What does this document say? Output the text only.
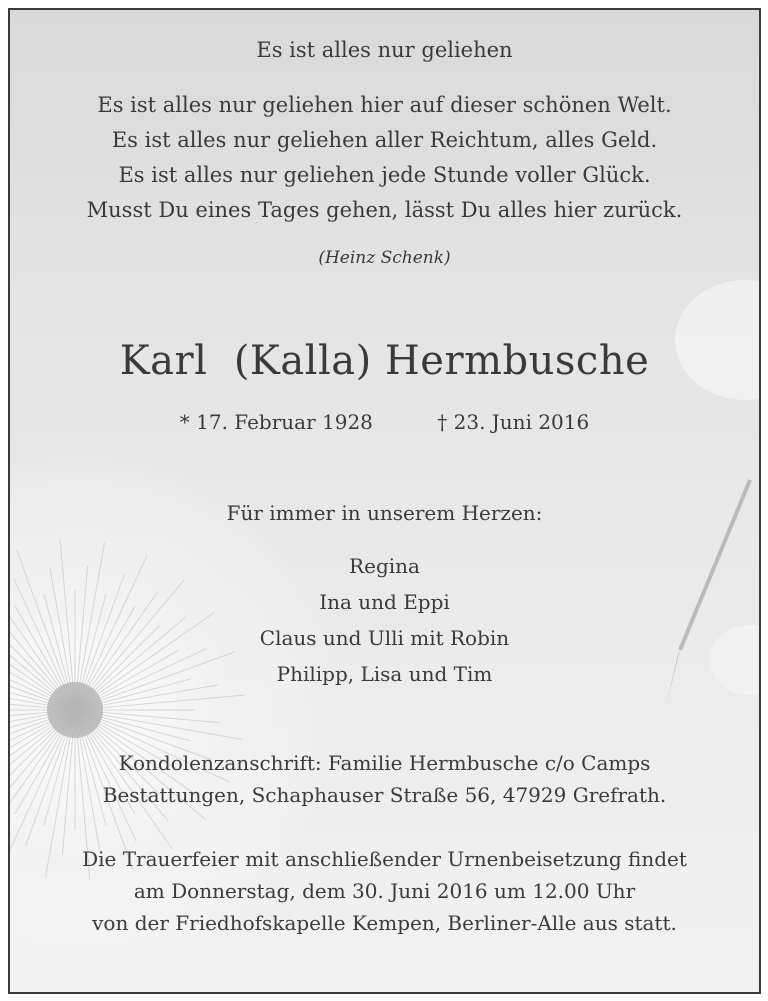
Es ist alles nur geliehen
Es ist alles nur geliehen hier auf dieser schönen Welt.
Es ist alles nur geliehen aller Reichtum, alles Geld.
Es ist alles nur geliehen jede Stunde voller Glück.
Musst Du eines Tages gehen, lässt Du alles hier zurück.
(Heinz Schenk)
Karl  (Kalla) Hermbusche
* 17. Februar 1928	† 23. Juni 2016
Für immer in unserem Herzen:
Regina
Ina und Eppi
Claus und Ulli mit Robin
Philipp, Lisa und Tim
Kondolenzanschrift: Familie Hermbusche c/o Camps
Bestattungen, Schaphauser Straße 56, 47929 Grefrath.
Die Trauerfeier mit anschließender Urnenbeisetzung findet
am Donnerstag, dem 30. Juni 2016 um 12.00 Uhr
von der Friedhofskapelle Kempen, Berliner-Alle aus statt.
